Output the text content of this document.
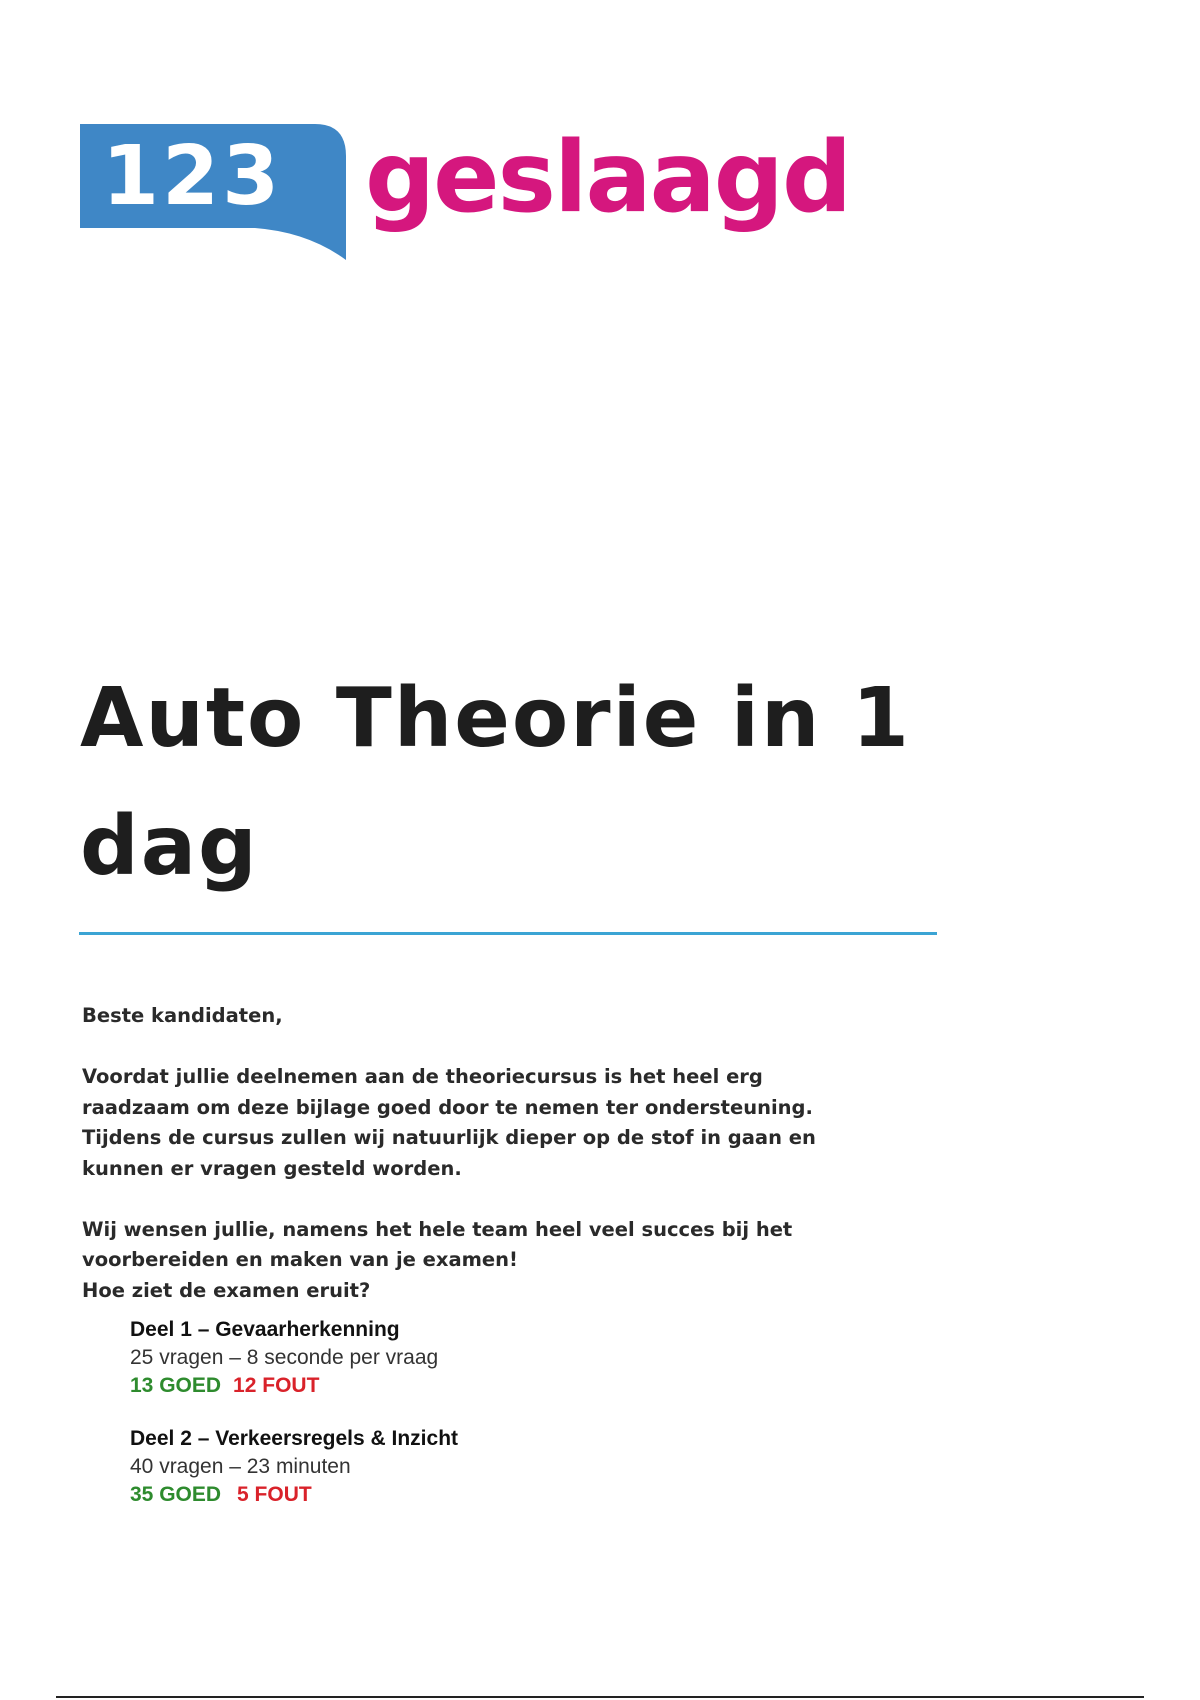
123 geslaagd
Auto Theorie in 1 dag

Beste kandidaten,

Voordat jullie deelnemen aan de theoriecursus is het heel erg raadzaam om deze bijlage goed door te nemen ter ondersteuning. Tijdens de cursus zullen wij natuurlijk dieper op de stof in gaan en kunnen er vragen gesteld worden.

Wij wensen jullie, namens het hele team heel veel succes bij het voorbereiden en maken van je examen!

Hoe ziet de examen eruit?

Deel 1 – Gevaarherkenning
25 vragen – 8 seconde per vraag
13 GOED 12 FOUT
Deel 2 – Verkeersregels & Inzicht
40 vragen – 23 minuten
35 GOED 5 FOUT
